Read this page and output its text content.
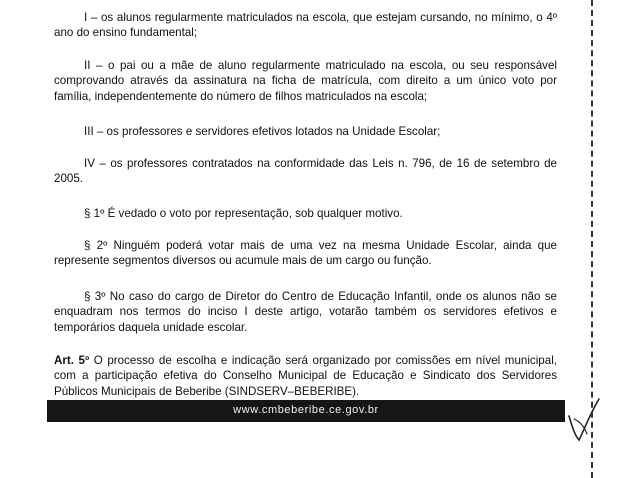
I – os alunos regularmente matriculados na escola, que estejam cursando, no mínimo, o 4º ano do ensino fundamental;

II – o pai ou a mãe de aluno regularmente matriculado na escola, ou seu responsável comprovando através da assinatura na ficha de matrícula, com direito a um único voto por família, independentemente do número de filhos matriculados na escola;

III – os professores e servidores efetivos lotados na Unidade Escolar;

IV – os professores contratados na conformidade das Leis n. 796, de 16 de setembro de 2005.

§ 1º É vedado o voto por representação, sob qualquer motivo.

§ 2º Ninguém poderá votar mais de uma vez na mesma Unidade Escolar, ainda que represente segmentos diversos ou acumule mais de um cargo ou função.

§ 3º No caso do cargo de Diretor do Centro de Educação Infantil, onde os alunos não se enquadram nos termos do inciso I deste artigo, votarão também os servidores efetivos e temporários daquela unidade escolar.

Art. 5º O processo de escolha e indicação será organizado por comissões em nível municipal, com a participação efetiva do Conselho Municipal de Educação e Sindicato dos Servidores Públicos Municipais de Beberibe (SINDSERV–BEBERIBE).

www.cmbeberibe.ce.gov.br
